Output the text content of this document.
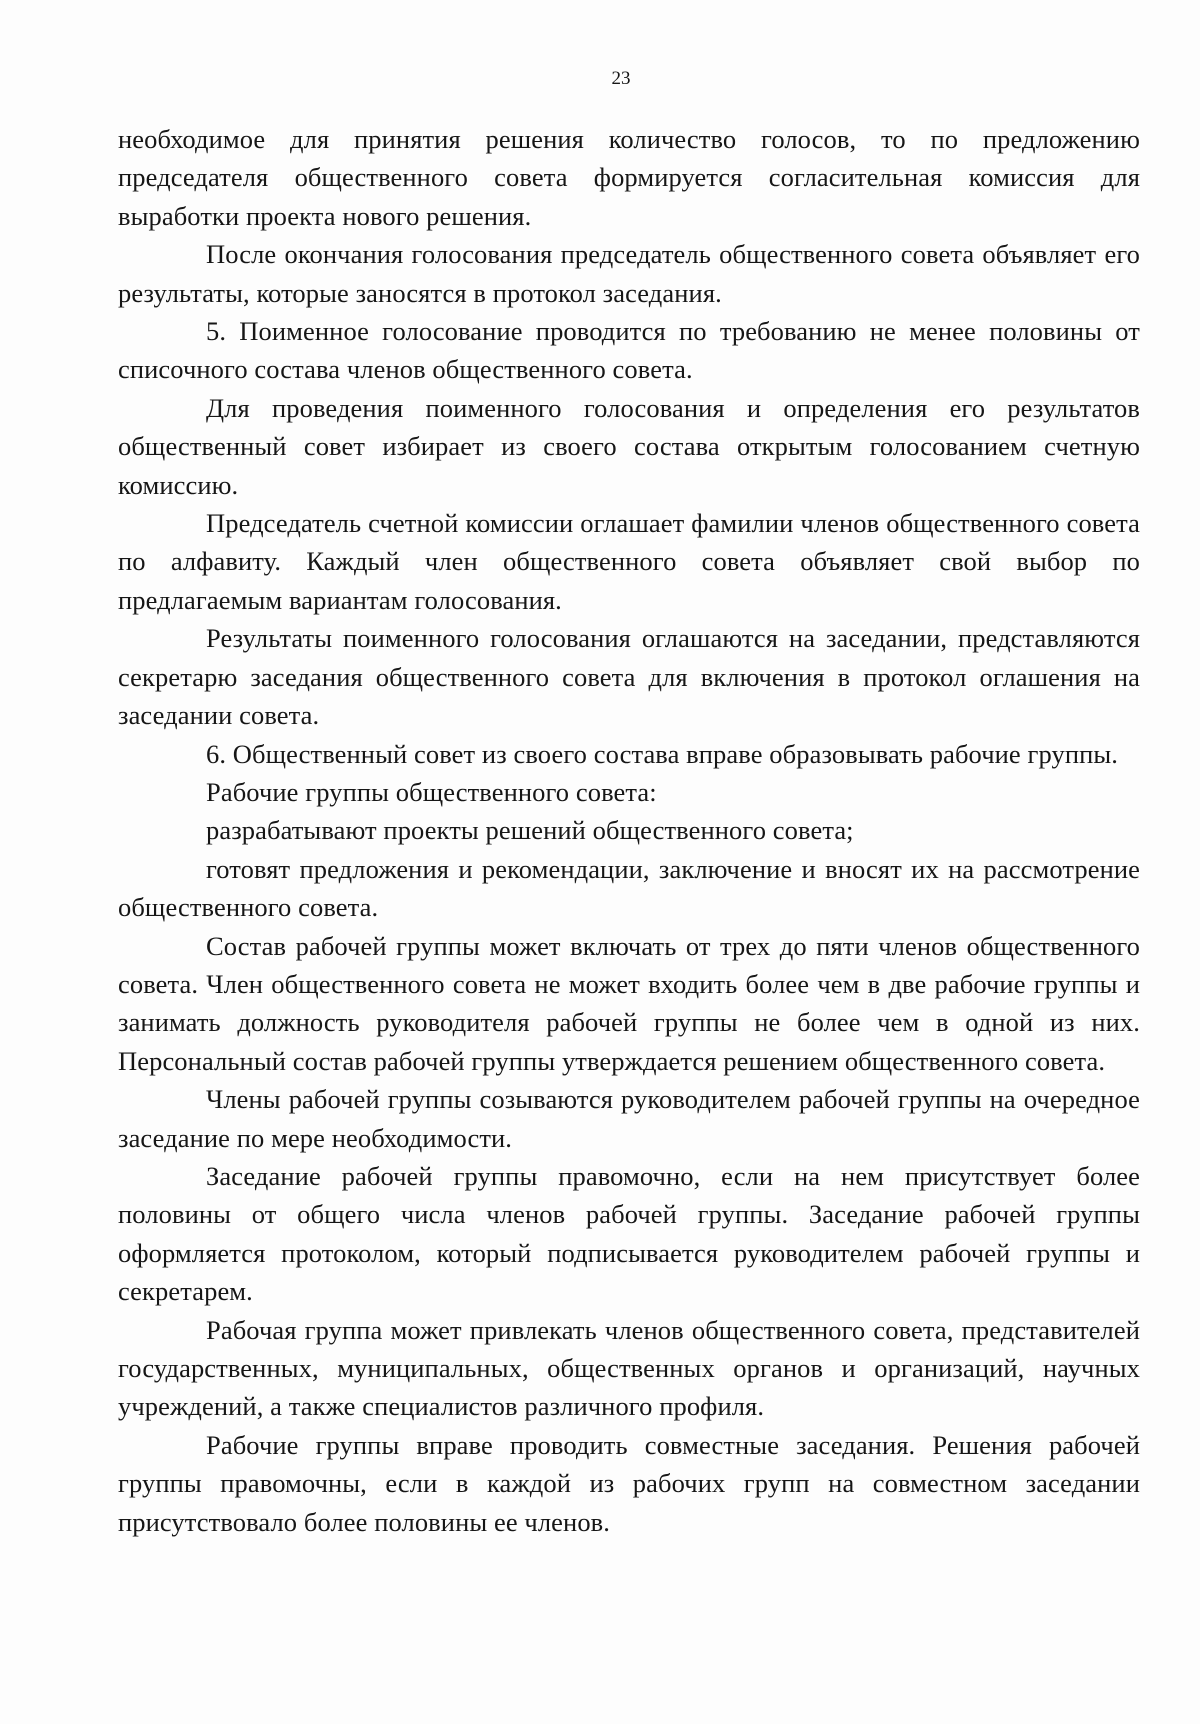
23

необходимое для принятия решения количество голосов, то по предложению председателя общественного совета формируется согласительная комиссия для выработки проекта нового решения.

После окончания голосования председатель общественного совета объявляет его результаты, которые заносятся в протокол заседания.

5. Поименное голосование проводится по требованию не менее половины от списочного состава членов общественного совета.

Для проведения поименного голосования и определения его результатов общественный совет избирает из своего состава открытым голосованием счетную комиссию.

Председатель счетной комиссии оглашает фамилии членов общественного совета по алфавиту. Каждый член общественного совета объявляет свой выбор по предлагаемым вариантам голосования.

Результаты поименного голосования оглашаются на заседании, представляются секретарю заседания общественного совета для включения в протокол оглашения на заседании совета.

6. Общественный совет из своего состава вправе образовывать рабочие группы.

Рабочие группы общественного совета:

разрабатывают проекты решений общественного совета;

готовят предложения и рекомендации, заключение и вносят их на рассмотрение общественного совета.

Состав рабочей группы может включать от трех до пяти членов общественного совета. Член общественного совета не может входить более чем в две рабочие группы и занимать должность руководителя рабочей группы не более чем в одной из них. Персональный состав рабочей группы утверждается решением общественного совета.

Члены рабочей группы созываются руководителем рабочей группы на очередное заседание по мере необходимости.

Заседание рабочей группы правомочно, если на нем присутствует более половины от общего числа членов рабочей группы. Заседание рабочей группы оформляется протоколом, который подписывается руководителем рабочей группы и секретарем.

Рабочая группа может привлекать членов общественного совета, представителей государственных, муниципальных, общественных органов и организаций, научных учреждений, а также специалистов различного профиля.

Рабочие группы вправе проводить совместные заседания. Решения рабочей группы правомочны, если в каждой из рабочих групп на совместном заседании присутствовало более половины ее членов.
